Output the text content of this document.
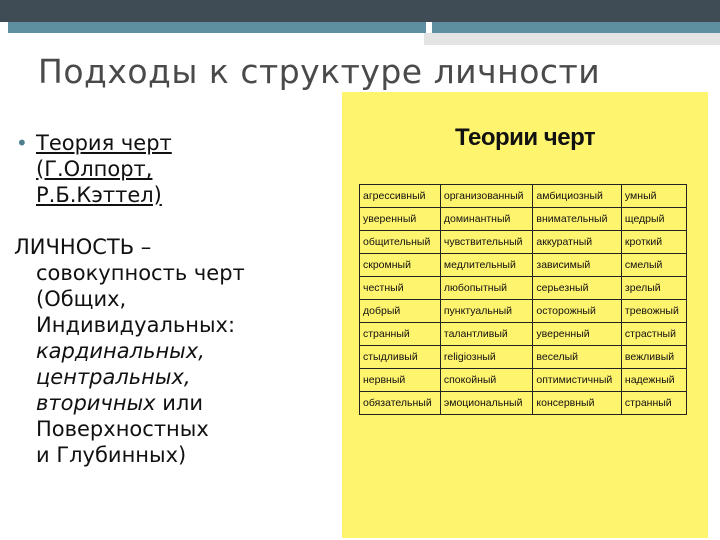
Подходы к структуре личности
• Теория черт
(Г.Олпорт,
Р.Б.Кэттел)
ЛИЧНОСТЬ –
совокупность черт
(Общих,
Индивидуальных:
кардинальных,
центральных,
вторичных или
Поверхностных
и Глубинных)
Теории черт
агрессивный	организованный	амбициозный	умный
уверенный	доминантный	внимательный	щедрый
общительный	чувствительный	аккуратный	кроткий
скромный	медлительный	зависимый	смелый
честный	любопытный	серьезный	зрелый
добрый	пунктуальный	осторожный	тревожный
странный	талантливый	уверенный	страстный
стыдливый	religiозный	веселый	вежливый
нервный	спокойный	оптимистичный	надежный
обязательный	эмоциональный	консервный	странный
